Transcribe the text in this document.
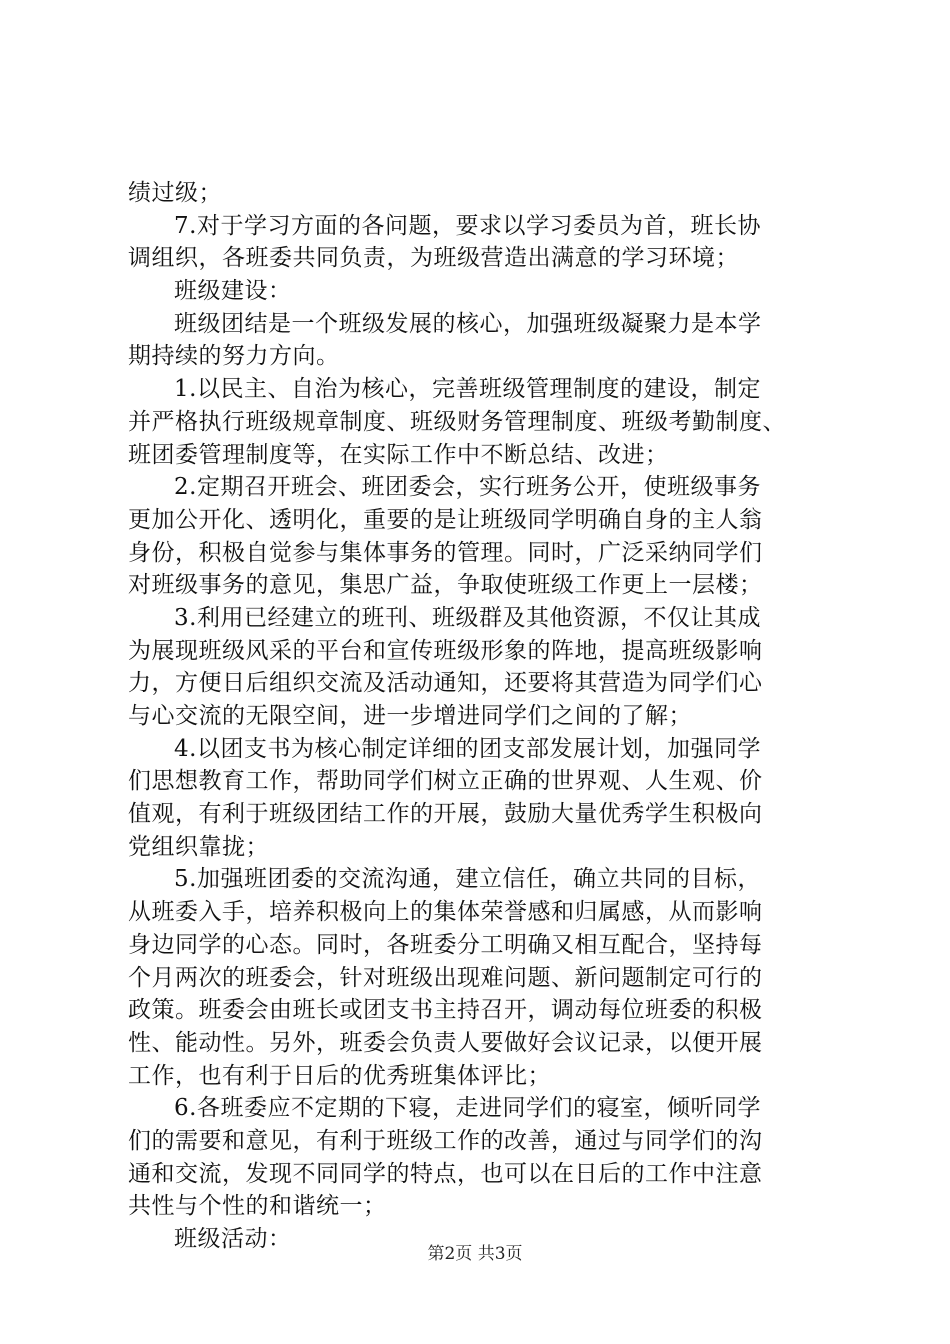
绩过级；
7.对于学习方面的各问题，要求以学习委员为首，班长协
调组织，各班委共同负责，为班级营造出满意的学习环境；
班级建设：
班级团结是一个班级发展的核心，加强班级凝聚力是本学
期持续的努力方向。
1.以民主、自治为核心，完善班级管理制度的建设，制定
并严格执行班级规章制度、班级财务管理制度、班级考勤制度、
班团委管理制度等，在实际工作中不断总结、改进；
2.定期召开班会、班团委会，实行班务公开，使班级事务
更加公开化、透明化，重要的是让班级同学明确自身的主人翁
身份，积极自觉参与集体事务的管理。同时，广泛采纳同学们
对班级事务的意见，集思广益，争取使班级工作更上一层楼；
3.利用已经建立的班刊、班级群及其他资源，不仅让其成
为展现班级风采的平台和宣传班级形象的阵地，提高班级影响
力，方便日后组织交流及活动通知，还要将其营造为同学们心
与心交流的无限空间，进一步增进同学们之间的了解；
4.以团支书为核心制定详细的团支部发展计划，加强同学
们思想教育工作，帮助同学们树立正确的世界观、人生观、价
值观，有利于班级团结工作的开展，鼓励大量优秀学生积极向
党组织靠拢；
5.加强班团委的交流沟通，建立信任，确立共同的目标，
从班委入手，培养积极向上的集体荣誉感和归属感，从而影响
身边同学的心态。同时，各班委分工明确又相互配合，坚持每
个月两次的班委会，针对班级出现难问题、新问题制定可行的
政策。班委会由班长或团支书主持召开，调动每位班委的积极
性、能动性。另外，班委会负责人要做好会议记录，以便开展
工作，也有利于日后的优秀班集体评比；
6.各班委应不定期的下寝，走进同学们的寝室，倾听同学
们的需要和意见，有利于班级工作的改善，通过与同学们的沟
通和交流，发现不同同学的特点，也可以在日后的工作中注意
共性与个性的和谐统一；
班级活动：
第2页 共3页
